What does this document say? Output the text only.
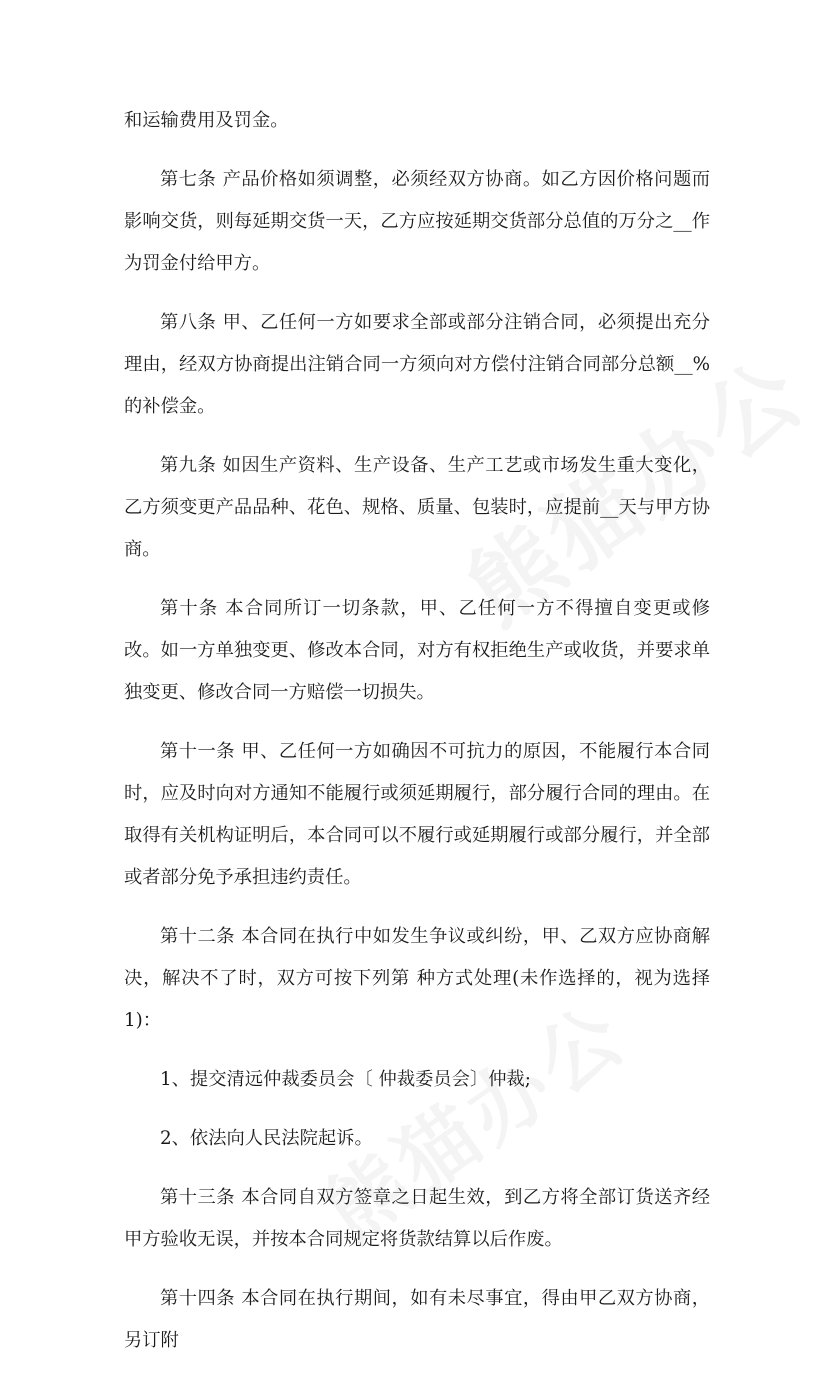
和运输费用及罚金。

第七条 产品价格如须调整，必须经双方协商。如乙方因价格问题而影响交货，则每延期交货一天，乙方应按延期交货部分总值的万分之__作为罚金付给甲方。

第八条 甲、乙任何一方如要求全部或部分注销合同，必须提出充分理由，经双方协商提出注销合同一方须向对方偿付注销合同部分总额__%的补偿金。

第九条 如因生产资料、生产设备、生产工艺或市场发生重大变化，乙方须变更产品品种、花色、规格、质量、包装时，应提前__天与甲方协商。

第十条 本合同所订一切条款，甲、乙任何一方不得擅自变更或修改。如一方单独变更、修改本合同，对方有权拒绝生产或收货，并要求单独变更、修改合同一方赔偿一切损失。

第十一条 甲、乙任何一方如确因不可抗力的原因，不能履行本合同时，应及时向对方通知不能履行或须延期履行，部分履行合同的理由。在取得有关机构证明后，本合同可以不履行或延期履行或部分履行，并全部或者部分免予承担违约责任。

第十二条 本合同在执行中如发生争议或纠纷，甲、乙双方应协商解决，解决不了时，双方可按下列第 种方式处理(未作选择的，视为选择 1)：

1、提交清远仲裁委员会〔 仲裁委员会〕仲裁;

2、依法向人民法院起诉。

第十三条 本合同自双方签章之日起生效，到乙方将全部订货送齐经甲方验收无误，并按本合同规定将货款结算以后作废。

第十四条 本合同在执行期间，如有未尽事宜，得由甲乙双方协商，另订附
